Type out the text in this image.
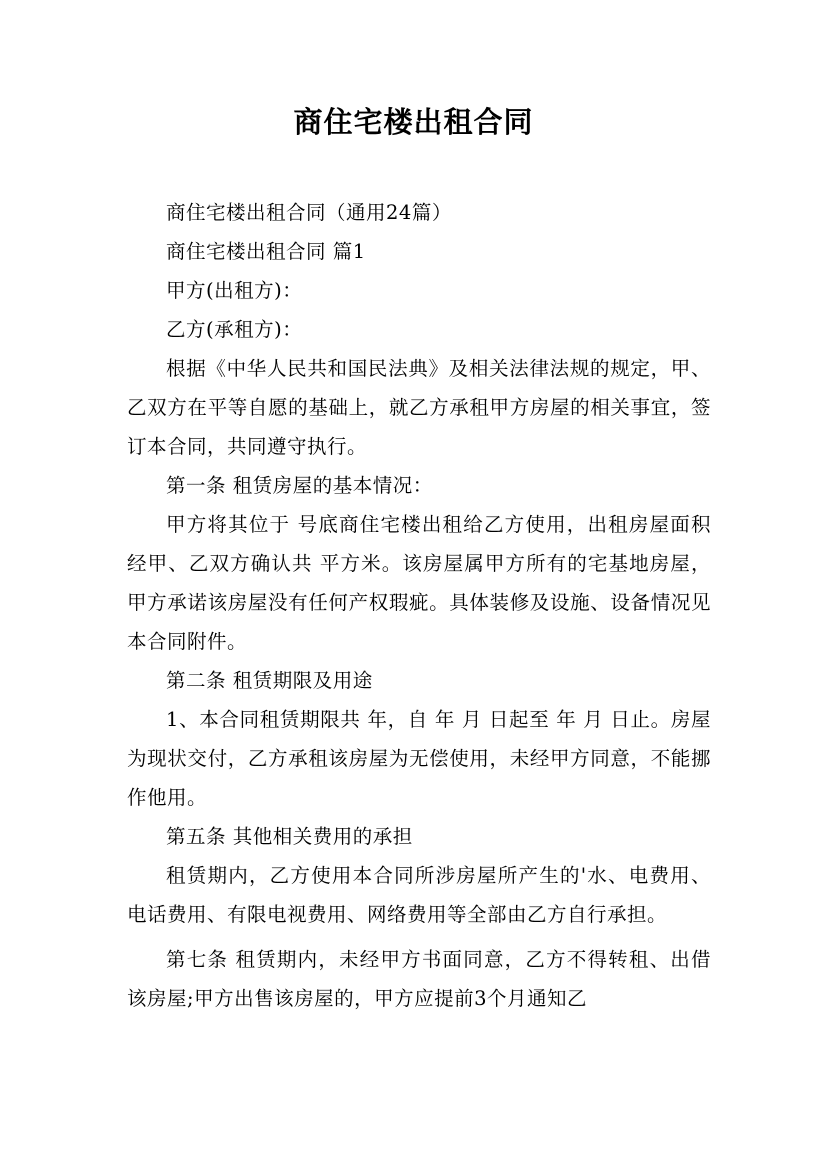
商住宅楼出租合同

商住宅楼出租合同（通用24篇）

商住宅楼出租合同 篇1

甲方(出租方)：

乙方(承租方)：

根据《中华人民共和国民法典》及相关法律法规的规定，甲、乙双方在平等自愿的基础上，就乙方承租甲方房屋的相关事宜，签订本合同，共同遵守执行。

第一条 租赁房屋的基本情况：

甲方将其位于 号底商住宅楼出租给乙方使用，出租房屋面积经甲、乙双方确认共 平方米。该房屋属甲方所有的宅基地房屋，甲方承诺该房屋没有任何产权瑕疵。具体装修及设施、设备情况见本合同附件。

第二条 租赁期限及用途

1、本合同租赁期限共 年，自 年 月 日起至 年 月 日止。房屋为现状交付，乙方承租该房屋为无偿使用，未经甲方同意，不能挪作他用。

第五条 其他相关费用的承担

租赁期内，乙方使用本合同所涉房屋所产生的'水、电费用、电话费用、有限电视费用、网络费用等全部由乙方自行承担。

第七条 租赁期内，未经甲方书面同意，乙方不得转租、出借该房屋;甲方出售该房屋的，甲方应提前3个月通知乙
